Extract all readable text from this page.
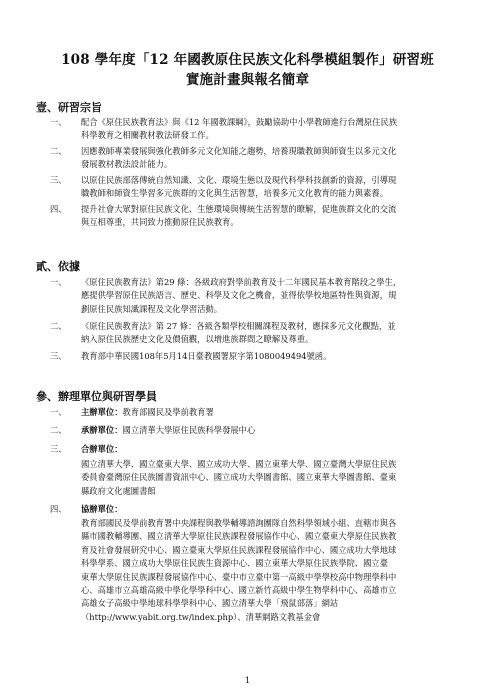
108 學年度「12 年國教原住民族文化科學模組製作」研習班
實施計畫與報名簡章
壹、研習宗旨
一、	配合《原住民族教育法》與《12 年國教課綱》，鼓勵協助中小學教師進行台灣原住民族
科學教育之相關教材教法研發工作。
二、	因應教師專業發展與強化教師多元文化知能之趨勢，培養現職教師與師資生以多元文化
發展教材教法設計能力。
三、	以原住民族部落傳統自然知識、文化、環境生態以及現代科學科技創新的資源，引導現
職教師和師資生學習多元族群的文化與生活智慧，培養多元文化教育的能力與素養。
四、	提升社會大眾對原住民族文化、生態環境與傳統生活智慧的瞭解，促進族群文化的交流
與互相尊重，共同致力推動原住民族教育。
貳、依據
一、	《原住民族教育法》第29 條：各級政府對學前教育及十二年國民基本教育階段之學生，
應提供學習原住民族語言、歷史、科學及文化之機會，並得依學校地區特性與資源，規
劃原住民族知識課程及文化學習活動。
二、	《原住民族教育法》第 27 條：各級各類學校相關課程及教材，應採多元文化觀點，並
納入原住民族歷史文化及價值觀，以增進族群間之瞭解及尊重。
三、	教育部中華民國108年5月14日臺教國署原字第1080049494號函。
參、辦理單位與研習學員
一、	主辦單位：教育部國民及學前教育署
二、	承辦單位：國立清華大學原住民族科學發展中心
三、	合辦單位：
國立清華大學、國立臺東大學、國立成功大學、國立東華大學、國立臺灣大學原住民族
委員會臺灣原住民族圖書資訊中心、國立成功大學圖書館、國立東華大學圖書館、臺東
縣政府文化處圖書館
四、	協辦單位：
教育部國民及學前教育署中央課程與教學輔導諮詢團隊自然科學領域小組、直轄市與各
縣市國教輔導團、國立清華大學原住民族課程發展協作中心、國立臺東大學原住民族教
育及社會發展研究中心、國立臺東大學原住民族課程發展協作中心、國立成功大學地球
科學學系、國立成功大學原住民族生資源中心、國立東華大學原住民族學院、國立臺
東華大學原住民族課程發展協作中心、臺中市立臺中第一高級中學學校高中物理學科中
心、高雄市立高雄高級中學化學學科中心、國立新竹高級中學生物學科中心、高雄市立
高雄女子高級中學地球科學學科中心、國立清華大學「飛鼠部落」網站
（http://www.yabit.org.tw/index.php）、清華網路文教基金會
1
